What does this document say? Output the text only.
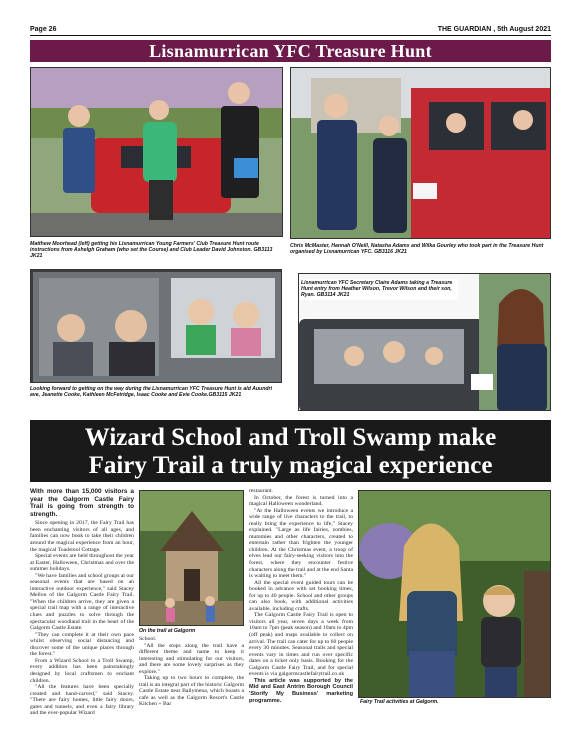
Page 26	THE GUARDIAN , 5th August 2021
Lisnamurrican YFC Treasure Hunt
Matthew Moorhead (left) getting his Lisnamurrican Young Farmers' Club Treasure Hunt route instructions from Ashelgh Graham (who set the Course) and Club Leader David Johnston. GB3113 JK21
Chris McMaster, Hannah O'Neill, Natasha Adams and Wilka Gourley who took part in the Treasure Hunt organised by Lisnamurrican YFC. GB3116 JK21
Looking forward to getting on the way during the Lisnamurrican YFC Treasure Hunt is ald Auundri ave, Jeanette Cooke, Kathleen McFetridge, Isaac Cooke and Evie Cooke.GB3115 JK21
Lisnamurrican YFC Secretary Claire Adams taking a Treasure Hunt entry from Heather Wilson, Trevor Wilson and their son, Ryan. GB3114 JK21
Wizard School and Troll Swamp make
Fairy Trail a truly magical experience

With more than 15,000 visitors a year the Galgorm Castle Fairy Trail is going from strength to strength.

Since opening in 2017, the Fairy Trail has been enchanting visitors of all ages, and families can now book to take their children around the magical experience from an hour, the magical Toadstool Cottage.

Special events are held throughout the year at Easter, Halloween, Christmas and over the summer holidays.

"We have families and school groups at our seasonal events that are based on an interactive outdoor experience," said Stacey Mellon of the Galgorm Castle Fairy Trail. "When the children arrive, they are given a special trail map with a range of interactive clues and puzzles to solve through the spectacular woodland trail in the heart of the Galgorm Castle Estate.

"They can complete it at their own pace whilst observing social distancing and discover some of the unique places through the forest."

From a Wizard School to a Troll Swamp, every addition has been painstakingly designed by local craftsmen to enchant children.

"All the features have been specially created and hand-carved," said Stacey. "There are fairy homes, little fairy doors, gates and tunnels, and even a fairy library and the ever-popular Wizard

On the trail at Galgorm

School.

"All the stops along the trail have a different theme and name to keep it interesting and stimulating for our visitors, and there are some lovely surprises as they explore."

Taking up to two hours to complete, the trail is an integral part of the historic Galgorm Castle Estate near Ballymena, which boasts a cafe as well as the Galgorm Resort's Castle Kitchen + Bar

restaurant.

In October, the forest is turned into a magical Halloween wonderland.

"At the Halloween events we introduce a wide range of live characters to the trail, to really bring the experience to life," Stacey explained. "Large as life fairies, zombies, mummies and other characters, created to entertain rather than frighten the younger children. At the Christmas event, a troop of elves lead our fairy-seeking visitors into the forest, where they encounter festive characters along the trail and at the end Santa is waiting to meet them."

All the special event guided tours can be booked in advance with set booking times, for up to 40 people. School and other groups can also book, with additional activities available, including crafts.

The Galgorm Castle Fairy Trail is open to visitors all year, seven days a week from 10am to 7pm (peak season) and 10am to 4pm (off peak) and maps available to collect on arrival. The trail can cater for up to 60 people every 30 minutes. Seasonal trails and special events vary in times and run over specific dates on a ticket only basis. Booking for the Galgorm Castle Fairy Trail, and for special events is via galgormcastlefairytrail.co.uk

This article was supported by the Mid and East Antrim Borough Council 'Storify My Business' marketing programme.	Fairy Trail activities at Galgorm.
